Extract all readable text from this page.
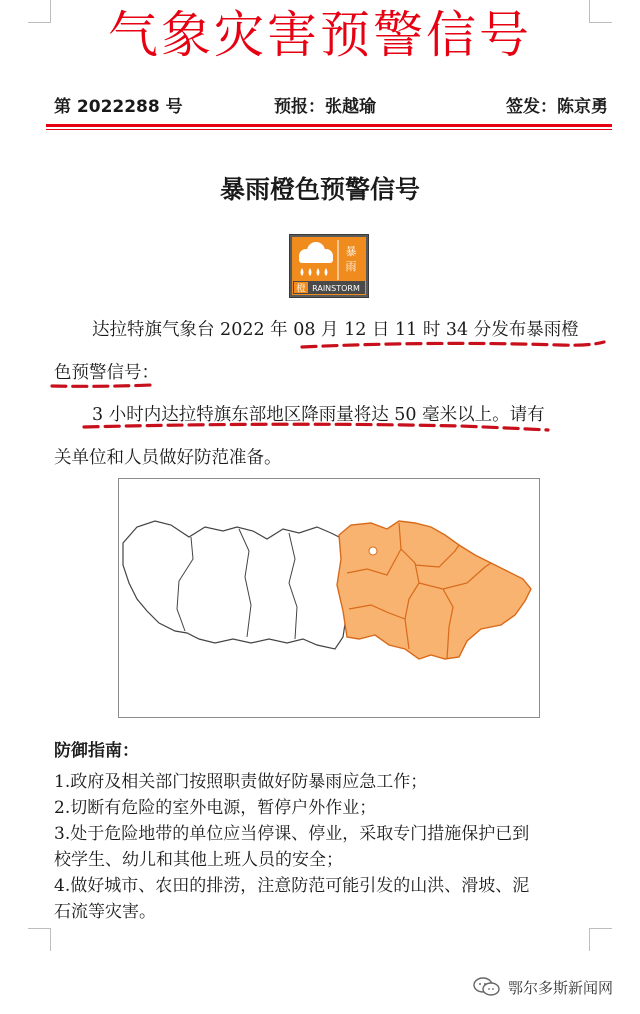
气象灾害预警信号
第 2022288 号	预报：张越瑜	签发：陈京勇
暴雨橙色预警信号
暴
雨
橙 RAINSTORM
达拉特旗气象台 2022 年 08 月 12 日 11 时 34 分发布暴雨橙
色预警信号：
3 小时内达拉特旗东部地区降雨量将达 50 毫米以上。请有
关单位和人员做好防范准备。
防御指南：
1.政府及相关部门按照职责做好防暴雨应急工作；
2.切断有危险的室外电源，暂停户外作业；
3.处于危险地带的单位应当停课、停业，采取专门措施保护已到
校学生、幼儿和其他上班人员的安全；
4.做好城市、农田的排涝，注意防范可能引发的山洪、滑坡、泥
石流等灾害。
鄂尔多斯新闻网
